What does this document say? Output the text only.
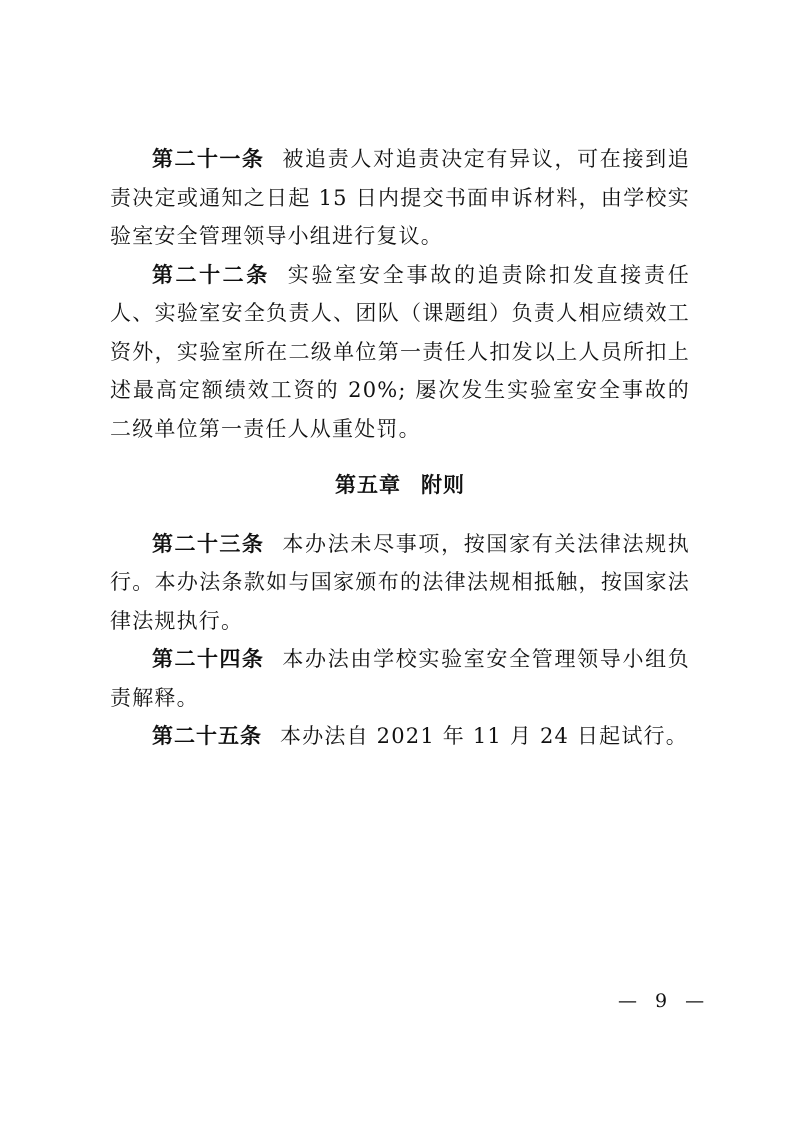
第二十一条 被追责人对追责决定有异议，可在接到追责决定或通知之日起 15 日内提交书面申诉材料，由学校实验室安全管理领导小组进行复议。

第二十二条 实验室安全事故的追责除扣发直接责任人、实验室安全负责人、团队（课题组）负责人相应绩效工资外，实验室所在二级单位第一责任人扣发以上人员所扣上述最高定额绩效工资的 20%; 屡次发生实验室安全事故的二级单位第一责任人从重处罚。

第五章 附则

第二十三条 本办法未尽事项，按国家有关法律法规执行。本办法条款如与国家颁布的法律法规相抵触，按国家法律法规执行。

第二十四条 本办法由学校实验室安全管理领导小组负责解释。

第二十五条 本办法自 2021 年 11 月 24 日起试行。

— 9 —
